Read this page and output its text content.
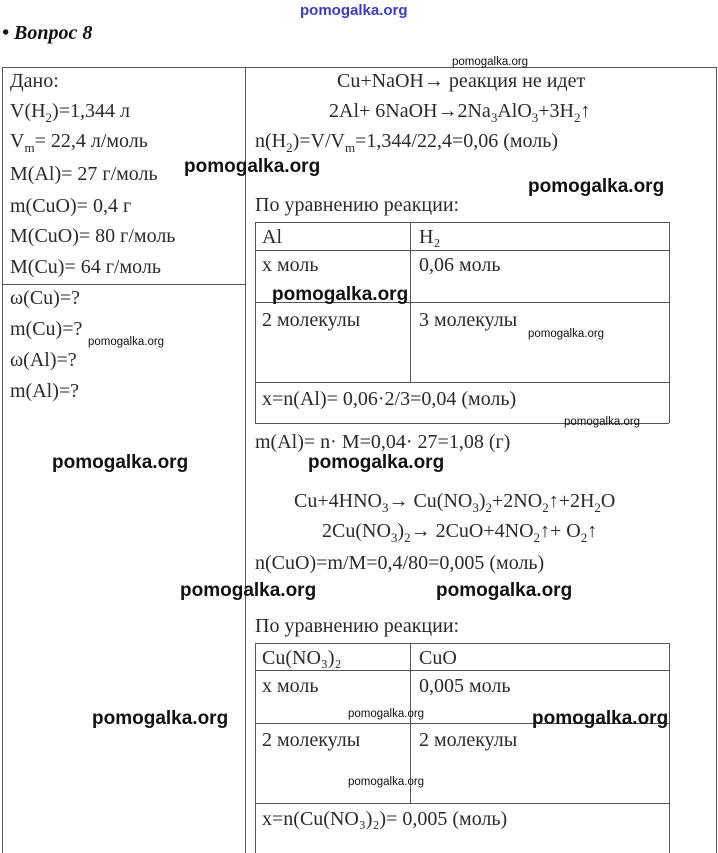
pomogalka.org
• Вопрос 8
Дано:
$V(H_2)=1,344$ л
$V_m= 22,4$ л/моль
M(Al)= 27 г/моль
m(CuO)= 0,4 г
M(CuO)= 80 г/моль
M(Cu)= 64 г/моль
ω(Cu)=?
m(Cu)=?
ω(Al)=?
m(Al)=?
Cu+NaOH→ реакция не идет
$2Al+ 6NaOH\to 2Na_3AlO_3+3H_2↑$
$n(H_2)=V/V_m=1,344/22,4=0,06$ (моль)
По уравнению реакции:
Al	H₂
x моль	0,06 моль
2 молекулы	3 молекулы
x=n(Al)= 0,06·2/3=0,04 (моль)
m(Al)= n· M=0,04· 27=1,08 (г)
$Cu+4HNO_3\to$ $Cu(NO_3)_2+2NO_2↑+2H_2O$
$2Cu(NO_3)_2\to$ $2CuO+4NO_2↑+$ $O_2↑$
n(CuO)=m/M=0,4/80=0,005 (моль)
По уравнению реакции:
Cu(NO₃)₂	CuO
x моль	0,005 моль
2 молекулы	2 молекулы
x=n(Cu(NO₃)₂)= 0,005 (моль)
pomogalka.org
pomogalka.org
pomogalka.org
pomogalka.org
pomogalka.org
pomogalka.org
pomogalka.org
pomogalka.org	pomogalka.org
pomogalka.org	pomogalka.org
pomogalka.org	pomogalka.org	pomogalka.org
pomogalka.org
